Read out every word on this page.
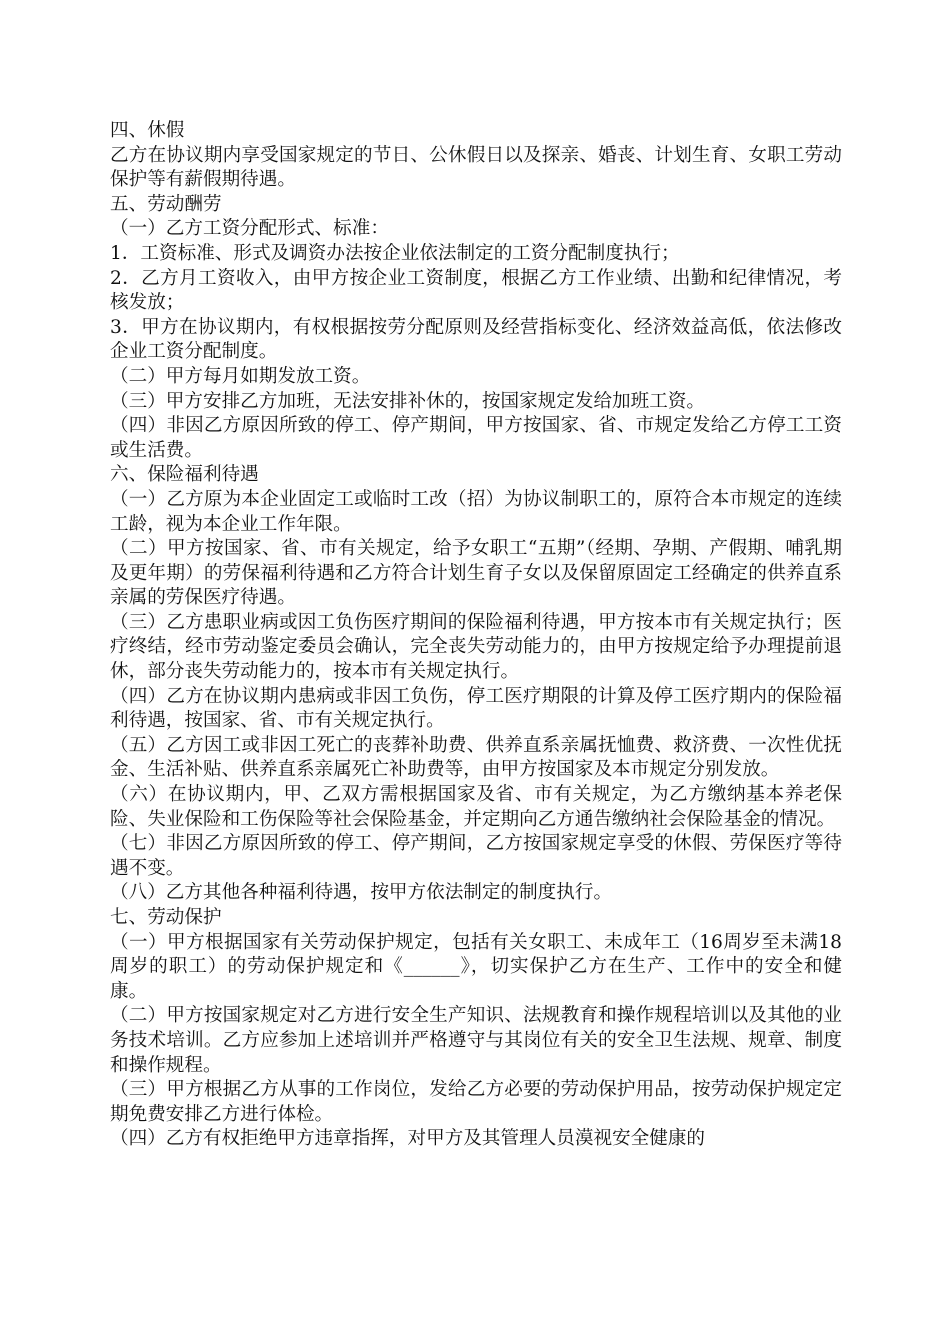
四、休假

乙方在协议期内享受国家规定的节日、公休假日以及探亲、婚丧、计划生育、女职工劳动保护等有薪假期待遇。

五、劳动酬劳

（一）乙方工资分配形式、标准：

1．工资标准、形式及调资办法按企业依法制定的工资分配制度执行；

2．乙方月工资收入，由甲方按企业工资制度，根据乙方工作业绩、出勤和纪律情况，考核发放；

3．甲方在协议期内，有权根据按劳分配原则及经营指标变化、经济效益高低，依法修改企业工资分配制度。

（二）甲方每月如期发放工资。

（三）甲方安排乙方加班，无法安排补休的，按国家规定发给加班工资。

（四）非因乙方原因所致的停工、停产期间，甲方按国家、省、市规定发给乙方停工工资或生活费。

六、保险福利待遇

（一）乙方原为本企业固定工或临时工改（招）为协议制职工的，原符合本市规定的连续工龄，视为本企业工作年限。

（二）甲方按国家、省、市有关规定，给予女职工“五期”（经期、孕期、产假期、哺乳期及更年期）的劳保福利待遇和乙方符合计划生育子女以及保留原固定工经确定的供养直系亲属的劳保医疗待遇。

（三）乙方患职业病或因工负伤医疗期间的保险福利待遇，甲方按本市有关规定执行；医疗终结，经市劳动鉴定委员会确认，完全丧失劳动能力的，由甲方按规定给予办理提前退休，部分丧失劳动能力的，按本市有关规定执行。

（四）乙方在协议期内患病或非因工负伤，停工医疗期限的计算及停工医疗期内的保险福利待遇，按国家、省、市有关规定执行。

（五）乙方因工或非因工死亡的丧葬补助费、供养直系亲属抚恤费、救济费、一次性优抚金、生活补贴、供养直系亲属死亡补助费等，由甲方按国家及本市规定分别发放。

（六）在协议期内，甲、乙双方需根据国家及省、市有关规定，为乙方缴纳基本养老保险、失业保险和工伤保险等社会保险基金，并定期向乙方通告缴纳社会保险基金的情况。

（七）非因乙方原因所致的停工、停产期间，乙方按国家规定享受的休假、劳保医疗等待遇不变。

（八）乙方其他各种福利待遇，按甲方依法制定的制度执行。

七、劳动保护

（一）甲方根据国家有关劳动保护规定，包括有关女职工、未成年工（16周岁至未满18周岁的职工）的劳动保护规定和《______》，切实保护乙方在生产、工作中的安全和健康。

（二）甲方按国家规定对乙方进行安全生产知识、法规教育和操作规程培训以及其他的业务技术培训。乙方应参加上述培训并严格遵守与其岗位有关的安全卫生法规、规章、制度和操作规程。

（三）甲方根据乙方从事的工作岗位，发给乙方必要的劳动保护用品，按劳动保护规定定期免费安排乙方进行体检。

（四）乙方有权拒绝甲方违章指挥，对甲方及其管理人员漠视安全健康的
